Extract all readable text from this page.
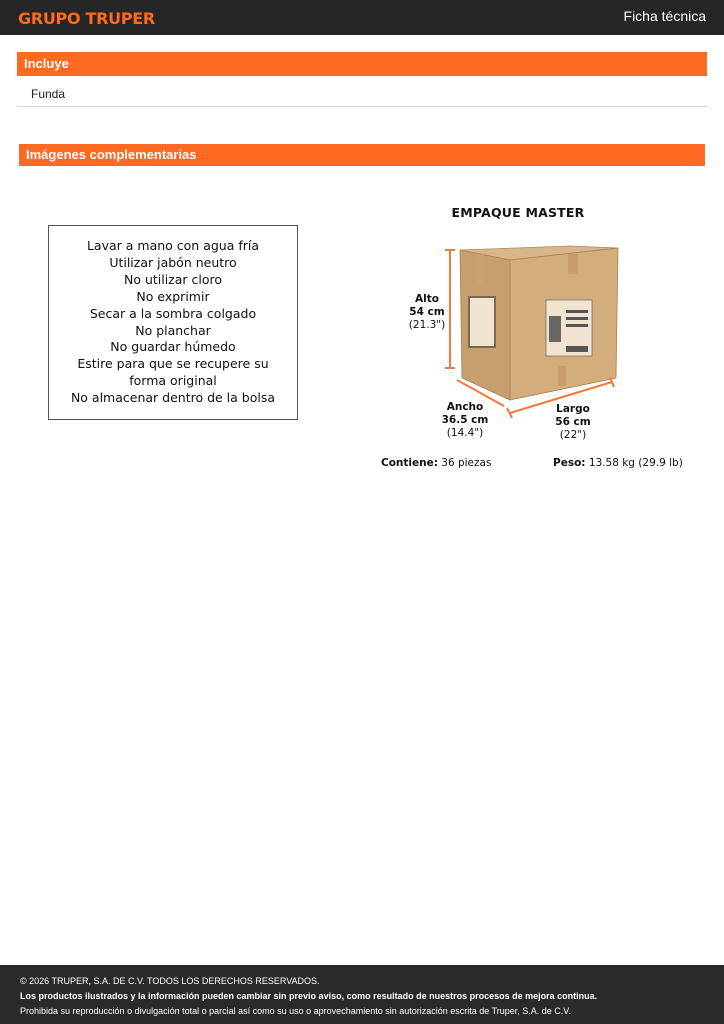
GRUPO TRUPER	Ficha técnica
Incluye
Funda
Imágenes complementarias
Lavar a mano con agua fría
Utilizar jabón neutro
No utilizar cloro
No exprimir
Secar a la sombra colgado
No planchar
No guardar húmedo
Estire para que se recupere su forma original
No almacenar dentro de la bolsa
EMPAQUE MASTER
Alto
54 cm
(21.3")
Ancho
36.5 cm
(14.4")
Largo
56 cm
(22")
Contiene: 36 piezas	Peso: 13.58 kg (29.9 lb)
© 2026 TRUPER, S.A. DE C.V. TODOS LOS DERECHOS RESERVADOS.
Los productos ilustrados y la información pueden cambiar sin previo aviso, como resultado de nuestros procesos de mejora continua.
Prohibida su reproducción o divulgación total o parcial así como su uso o aprovechamiento sin autorización escrita de Truper, S.A. de C.V.
